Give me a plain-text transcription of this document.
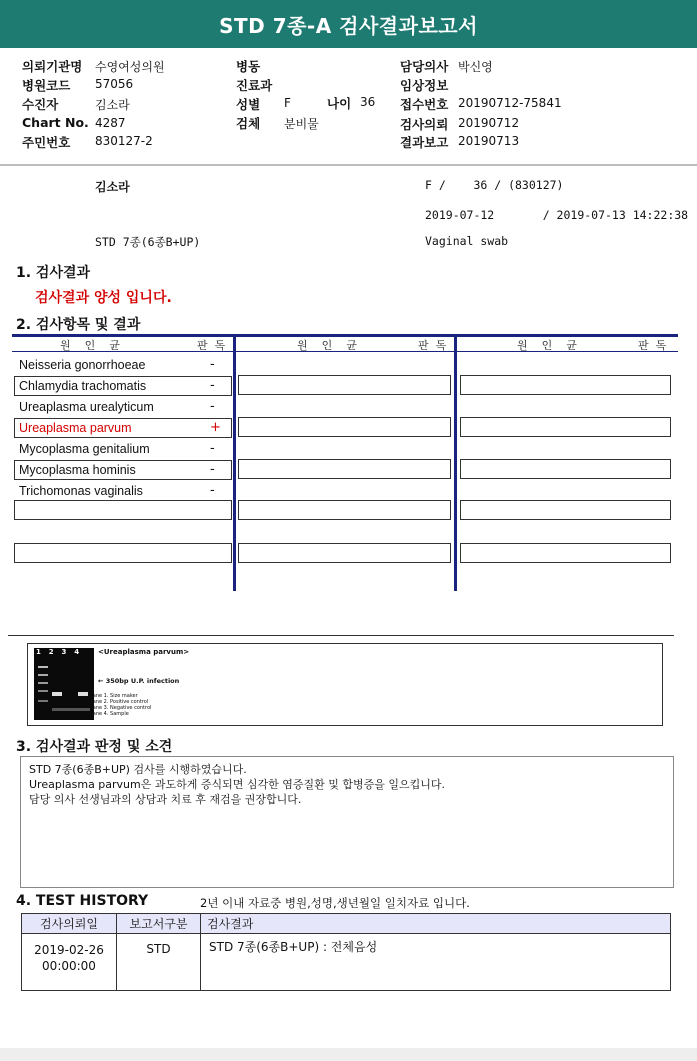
STD 7종-A 검사결과보고서
의뢰기관명 수영여성의원
병원코드 57056
수진자	김소라
Chart No. 4287
주민번호 830127-2
병동
진료과
성별 F
검체 분비물
담당의사 박신영
임상정보
접수번호 20190712-75841
검사의뢰 20190712
결과보고 20190713
나이 36
김소라	F /    36 / (830127)
2019-07-12       / 2019-07-13 14:22:38
STD 7종(6종B+UP)	Vaginal swab
1. 검사결과
검사결과 양성 입니다.
2. 검사항목 및 결과
원    인    균	판  독	원    인    균	판  독	원    인    균	판  독
Neisseria gonorrhoeae	-
Chlamydia trachomatis	-
Ureaplasma urealyticum	-
Ureaplasma parvum	+
Mycoplasma genitalium	-
Mycoplasma hominis	-
Trichomonas vaginalis	-
1  2  3  4	<Ureaplasma parvum>
← 350bp U.P. infection
Lane 1. Size maker
Lane 2. Positive control
Lane 3. Negative control
Lane 4. Sample
3. 검사결과 판정 및 소견
STD 7종(6종B+UP) 검사를 시행하였습니다.
Ureaplasma parvum은 과도하게 증식되면 심각한 염증질환 및 합병증을 일으킵니다.
담당 의사 선생님과의 상담과 치료 후 재검을 권장합니다.
4. TEST HISTORY	2년 이내 자료중 병원,성명,생년월일 일치자료 입니다.
검사의뢰일	보고서구분	검사결과

2019-02-26
00:00:00	STD	STD 7종(6종B+UP) : 전체음성
